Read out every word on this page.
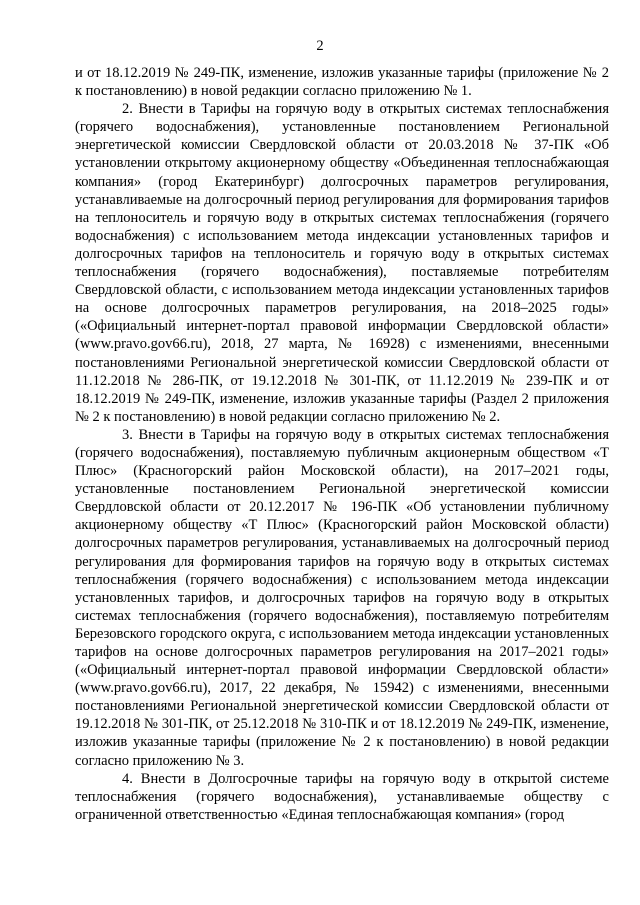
2

и от 18.12.2019 № 249-ПК, изменение, изложив указанные тарифы (приложение № 2 к постановлению) в новой редакции согласно приложению № 1.

2. Внести в Тарифы на горячую воду в открытых системах теплоснабжения (горячего водоснабжения), установленные постановлением Региональной энергетической комиссии Свердловской области от 20.03.2018 № 37-ПК «Об установлении открытому акционерному обществу «Объединенная теплоснабжающая компания» (город Екатеринбург) долгосрочных параметров регулирования, устанавливаемые на долгосрочный период регулирования для формирования тарифов на теплоноситель и горячую воду в открытых системах теплоснабжения (горячего водоснабжения) с использованием метода индексации установленных тарифов и долгосрочных тарифов на теплоноситель и горячую воду в открытых системах теплоснабжения (горячего водоснабжения), поставляемые потребителям Свердловской области, с использованием метода индексации установленных тарифов на основе долгосрочных параметров регулирования, на 2018–2025 годы» («Официальный интернет-портал правовой информации Свердловской области» (www.pravo.gov66.ru), 2018, 27 марта, № 16928) с изменениями, внесенными постановлениями Региональной энергетической комиссии Свердловской области от 11.12.2018 № 286-ПК, от 19.12.2018 № 301-ПК, от 11.12.2019 № 239-ПК и от 18.12.2019 № 249-ПК, изменение, изложив указанные тарифы (Раздел 2 приложения № 2 к постановлению) в новой редакции согласно приложению № 2.

3. Внести в Тарифы на горячую воду в открытых системах теплоснабжения (горячего водоснабжения), поставляемую публичным акционерным обществом «Т Плюс» (Красногорский район Московской области), на 2017–2021 годы, установленные постановлением Региональной энергетической комиссии Свердловской области от 20.12.2017 № 196-ПК «Об установлении публичному акционерному обществу «Т Плюс» (Красногорский район Московской области) долгосрочных параметров регулирования, устанавливаемых на долгосрочный период регулирования для формирования тарифов на горячую воду в открытых системах теплоснабжения (горячего водоснабжения) с использованием метода индексации установленных тарифов, и долгосрочных тарифов на горячую воду в открытых системах теплоснабжения (горячего водоснабжения), поставляемую потребителям Березовского городского округа, с использованием метода индексации установленных тарифов на основе долгосрочных параметров регулирования на 2017–2021 годы» («Официальный интернет-портал правовой информации Свердловской области» (www.pravo.gov66.ru), 2017, 22 декабря, № 15942) с изменениями, внесенными постановлениями Региональной энергетической комиссии Свердловской области от 19.12.2018 № 301-ПК, от 25.12.2018 № 310-ПК и от 18.12.2019 № 249-ПК, изменение, изложив указанные тарифы (приложение № 2 к постановлению) в новой редакции согласно приложению № 3.

4. Внести в Долгосрочные тарифы на горячую воду в открытой системе теплоснабжения (горячего водоснабжения), устанавливаемые обществу с ограниченной ответственностью «Единая теплоснабжающая компания» (город
